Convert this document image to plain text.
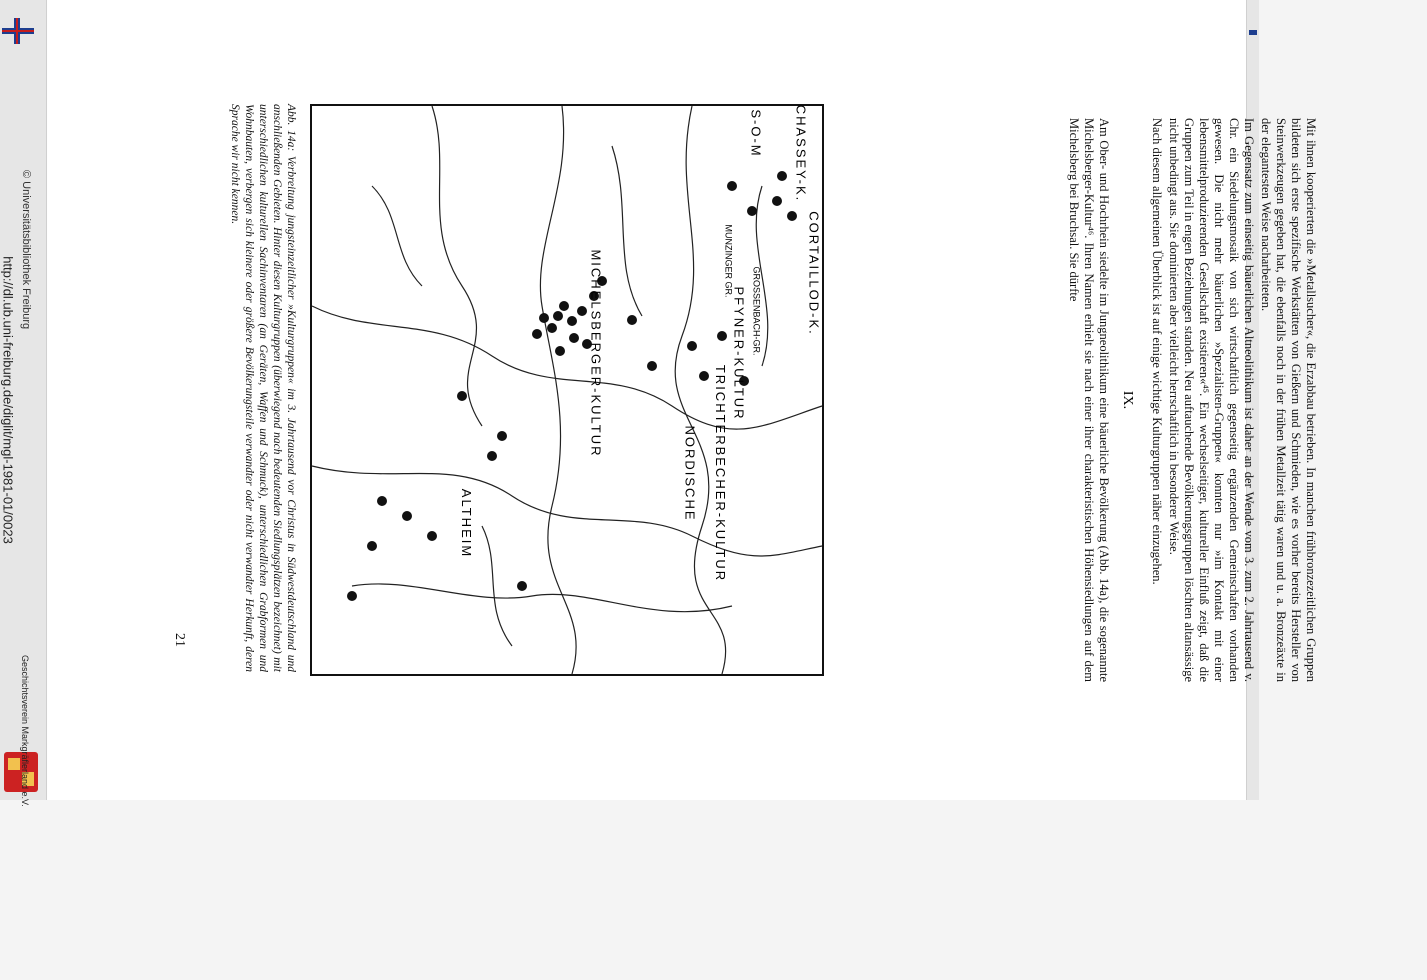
http://dl.ub.uni-freiburg.de/diglit/mgl-1981-01/0023
© Universitätsbibliothek Freiburg
Geschichtsverein Markgräflerland e.V.

Mit ihnen kooperierten die »Metallsucher«, die Erzabbau betrieben. In manchen frühbronzezeitlichen Gruppen bildeten sich erste spezifische Werkstätten von Gießern und Schmieden, wie es vorher bereits Hersteller von Steinwerkzeugen gegeben hat, die ebenfalls noch in der frühen Metallzeit tätig waren und u. a. Bronzeäxte in der elegantesten Weise nacharbeiteten.

Im Gegensatz zum einseitig bäuerlichen Altneolithikum ist daher an der Wende vom 3. zum 2. Jahrtausend v. Chr. ein Siedelungsmosaik von sich wirtschaftlich gegenseitig ergänzenden Gemeinschaften vorhanden gewesen. Die nicht mehr bäuerlichen »Spezialisten-Gruppen« konnten nur »im Kontakt mit einer lebensmittelproduzierenden Gesellschaft existieren«⁴⁵. Ein wechselseitiger, kultureller Einfluß zeigt, daß die Gruppen zum Teil in engen Beziehungen standen. Neu auftauchende Bevölkerungsgruppen löschten altansässige nicht unbedingt aus. Sie dominierten aber vielleicht herrschaftlich in besonderer Weise.

Nach diesem allgemeinen Überblick ist auf einige wichtige Kulturgruppen näher einzugehen.

IX.

Am Ober- und Hochrhein siedelte im Jungneolithikum eine bäuerliche Bevölkerung (Abb. 14a), die sogenannte Michelsberger-Kultur⁴⁶. Ihren Namen erhielt sie nach einer ihrer charakteristischen Höhensiedlungen auf dem Michelsberg bei Bruchsal. Sie dürfte

NORDISCHE TRICHTERBECHER-KULTUR
MICHELSBERGER-KULTUR
S-O-M CHASSEY-K.
CORTAILLOD-K.
PFYNER-KULTUR
ALTHEIM
MUNZINGER GR.
GROSSENBACH-GR.
Abb. 14a: Verbreitung jungsteinzeitlicher »Kulturgruppen« im 3. Jahrtausend vor Christus in Südwestdeutschland und anschließenden Gebieten. Hinter diesen Kulturgruppen (überwiegend nach bedeutenden Siedlungsplätzen bezeichnet) mit unterschiedlichen kulturellen Sachinventaren (an Geräten, Waffen und Schmuck), unterschiedlichen Grabformen und Wohnbauten, verbergen sich kleinere oder größere Bevölkerungsteile verwandter oder nicht verwandter Herkunft, deren Sprache wir nicht kennen.
21
